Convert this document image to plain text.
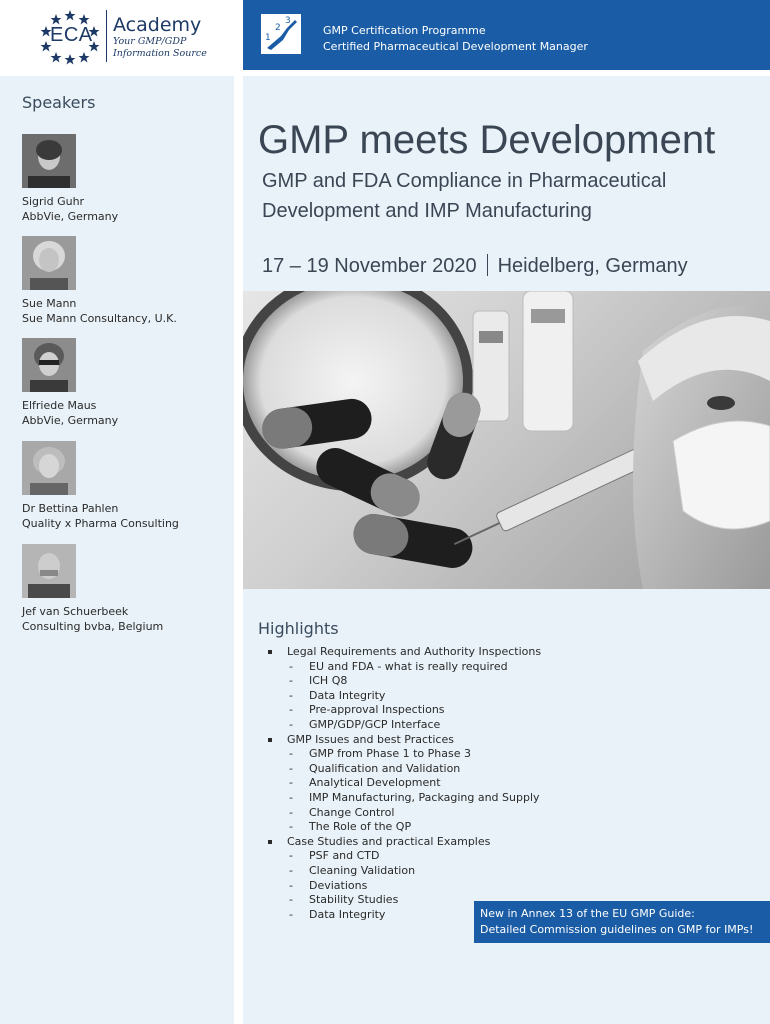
ECA Academy
Your GMP/GDP
Information Source
1
2
3
GMP Certification Programme
Certified Pharmaceutical Development Manager
Speakers
Sigrid Guhr
AbbVie, Germany
Sue Mann
Sue Mann Consultancy, U.K.
Elfriede Maus
AbbVie, Germany
Dr Bettina Pahlen
Quality x Pharma Consulting
Jef van Schuerbeek
Consulting bvba, Belgium
GMP meets Development
GMP and FDA Compliance in Pharmaceutical
Development and IMP Manufacturing
17 – 19 November 2020 Heidelberg, Germany
Highlights
Legal Requirements and Authority Inspections
- EU and FDA - what is really required
- ICH Q8
- Data Integrity
- Pre-approval Inspections
- GMP/GDP/GCP Interface
GMP Issues and best Practices
- GMP from Phase 1 to Phase 3
- Qualification and Validation
- Analytical Development
- IMP Manufacturing, Packaging and Supply
- Change Control
- The Role of the QP
Case Studies and practical Examples
- PSF and CTD
- Cleaning Validation
- Deviations
- Stability Studies
- Data Integrity	New in Annex 13 of the EU GMP Guide:
Detailed Commission guidelines on GMP for IMPs!
